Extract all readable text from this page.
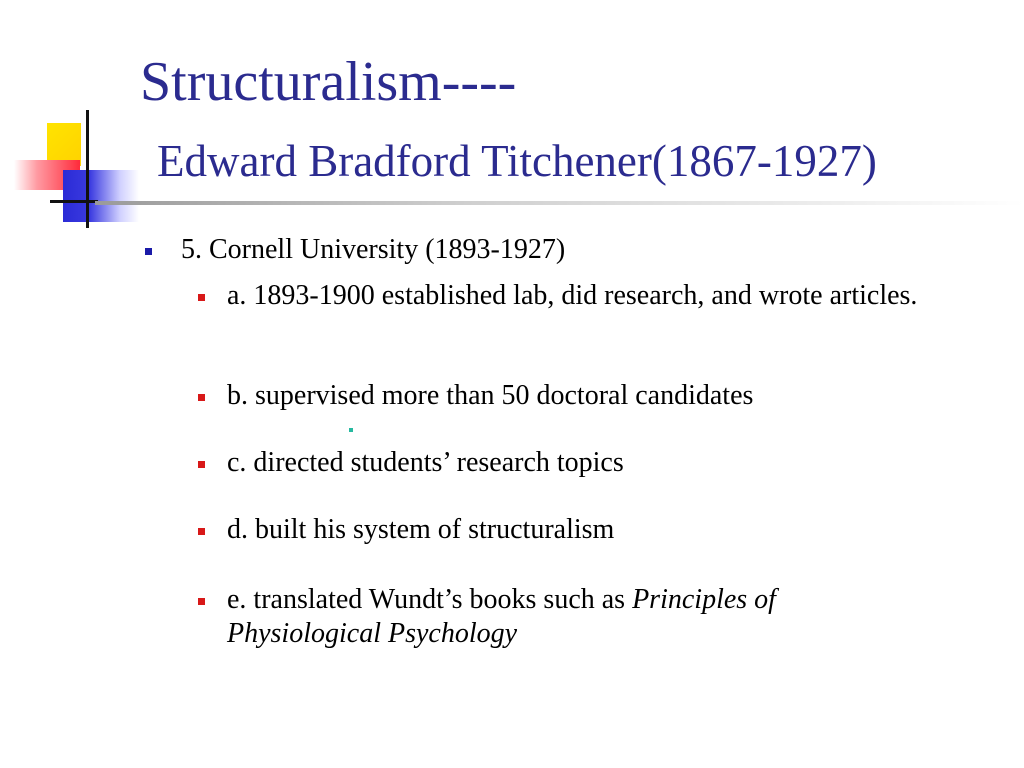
Structuralism----
Edward Bradford Titchener(1867-1927)
5. Cornell University (1893-1927)
a. 1893-1900 established lab, did research, and wrote articles.
b. supervised more than 50 doctoral candidates
c. directed students’ research topics
d. built his system of structuralism
e. translated Wundt’s books such as Principles of Physiological Psychology
